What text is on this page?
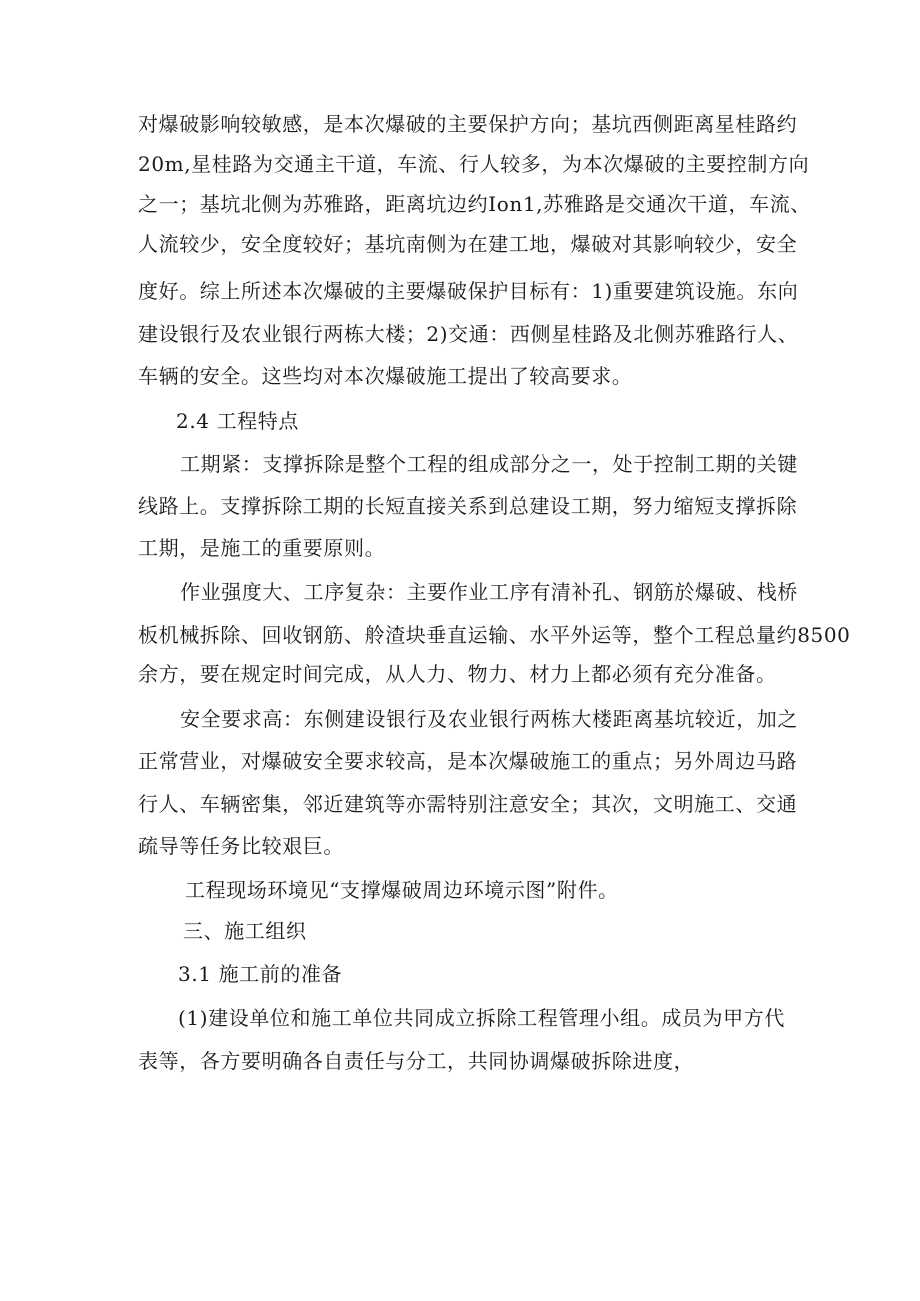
对爆破影响较敏感，是本次爆破的主要保护方向；基坑西侧距离星桂路约
20m,星桂路为交通主干道，车流、行人较多，为本次爆破的主要控制方向
之一；基坑北侧为苏雅路，距离坑边约Ion1,苏雅路是交通次干道，车流、
人流较少，安全度较好；基坑南侧为在建工地，爆破对其影响较少，安全
度好。综上所述本次爆破的主要爆破保护目标有：1)重要建筑设施。东向
建设银行及农业银行两栋大楼；2)交通：西侧星桂路及北侧苏雅路行人、
车辆的安全。这些均对本次爆破施工提出了较高要求。
2.4 工程特点
工期紧：支撑拆除是整个工程的组成部分之一，处于控制工期的关键
线路上。支撑拆除工期的长短直接关系到总建设工期，努力缩短支撑拆除
工期，是施工的重要原则。
作业强度大、工序复杂：主要作业工序有清补孔、钢筋於爆破、栈桥
板机械拆除、回收钢筋、舲渣块垂直运输、水平外运等，整个工程总量约8500
余方，要在规定时间完成，从人力、物力、材力上都必须有充分准备。
安全要求高：东侧建设银行及农业银行两栋大楼距离基坑较近，加之
正常营业，对爆破安全要求较高，是本次爆破施工的重点；另外周边马路
行人、车辆密集，邻近建筑等亦需特别注意安全；其次，文明施工、交通
疏导等任务比较艰巨。
工程现场环境见“支撑爆破周边环境示图”附件。
三、施工组织
3.1 施工前的准备
(1)建设单位和施工单位共同成立拆除工程管理小组。成员为甲方代
表等，各方要明确各自责任与分工，共同协调爆破拆除进度，
